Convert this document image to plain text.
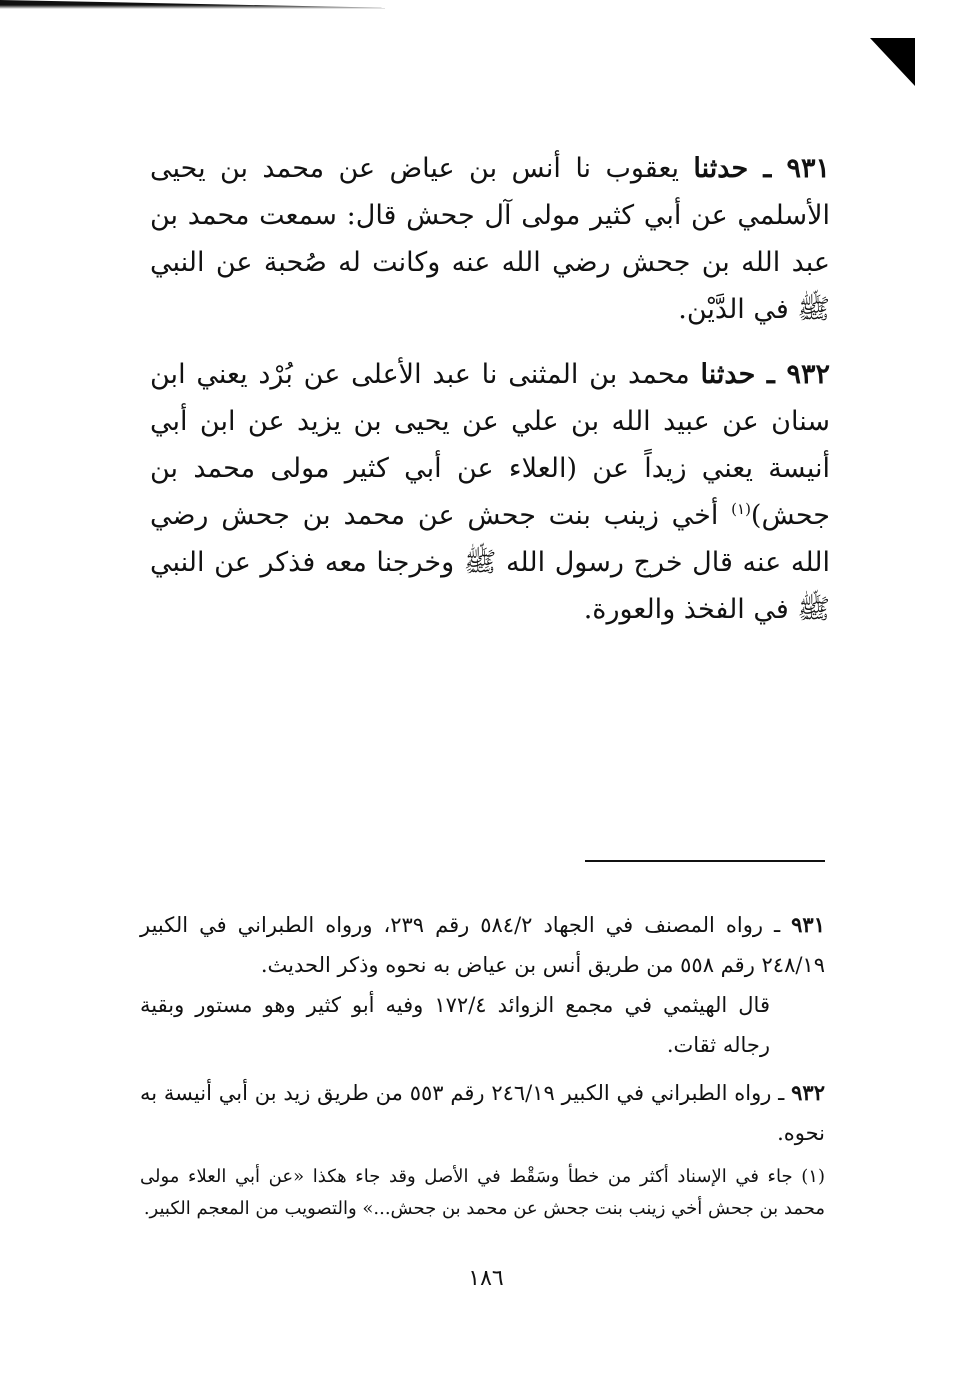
٩٣١ ـ حدثنا يعقوب نا أنس بن عياض عن محمد بن يحيى الأسلمي عن أبي كثير مولى آل جحش قال: سمعت محمد بن عبد الله بن جحش رضي الله عنه وكانت له صُحبة عن النبي ﷺ في الدَّيْن.

٩٣٢ ـ حدثنا محمد بن المثنى نا عبد الأعلى عن بُرْد يعني ابن سنان عن عبيد الله بن علي عن يحيى بن يزيد عن ابن أبي أنيسة يعني زيداً عن (العلاء عن أبي كثير مولى محمد بن جحش)$^{(١)}$ أخي زينب بنت جحش عن محمد بن جحش رضي الله عنه قال خرج رسول الله ﷺ وخرجنا معه فذكر عن النبي ﷺ في الفخذ والعورة.

٩٣١ ـ رواه المصنف في الجهاد ٥٨٤/٢ رقم ٢٣٩، ورواه الطبراني في الكبير ٢٤٨/١٩ رقم ٥٥٨ من طريق أنس بن عياض به نحوه وذكر الحديث.
قال الهيثمي في مجمع الزوائد ١٧٢/٤ وفيه أبو كثير وهو مستور وبقية رجاله ثقات.
٩٣٢ ـ رواه الطبراني في الكبير ٢٤٦/١٩ رقم ٥٥٣ من طريق زيد بن أبي أنيسة به نحوه.
(١) جاء في الإسناد أكثر من خطأ وسَقْط في الأصل وقد جاء هكذا «عن أبي العلاء مولى محمد بن جحش أخي زينب بنت جحش عن محمد بن جحش...» والتصويب من المعجم الكبير.
١٨٦
